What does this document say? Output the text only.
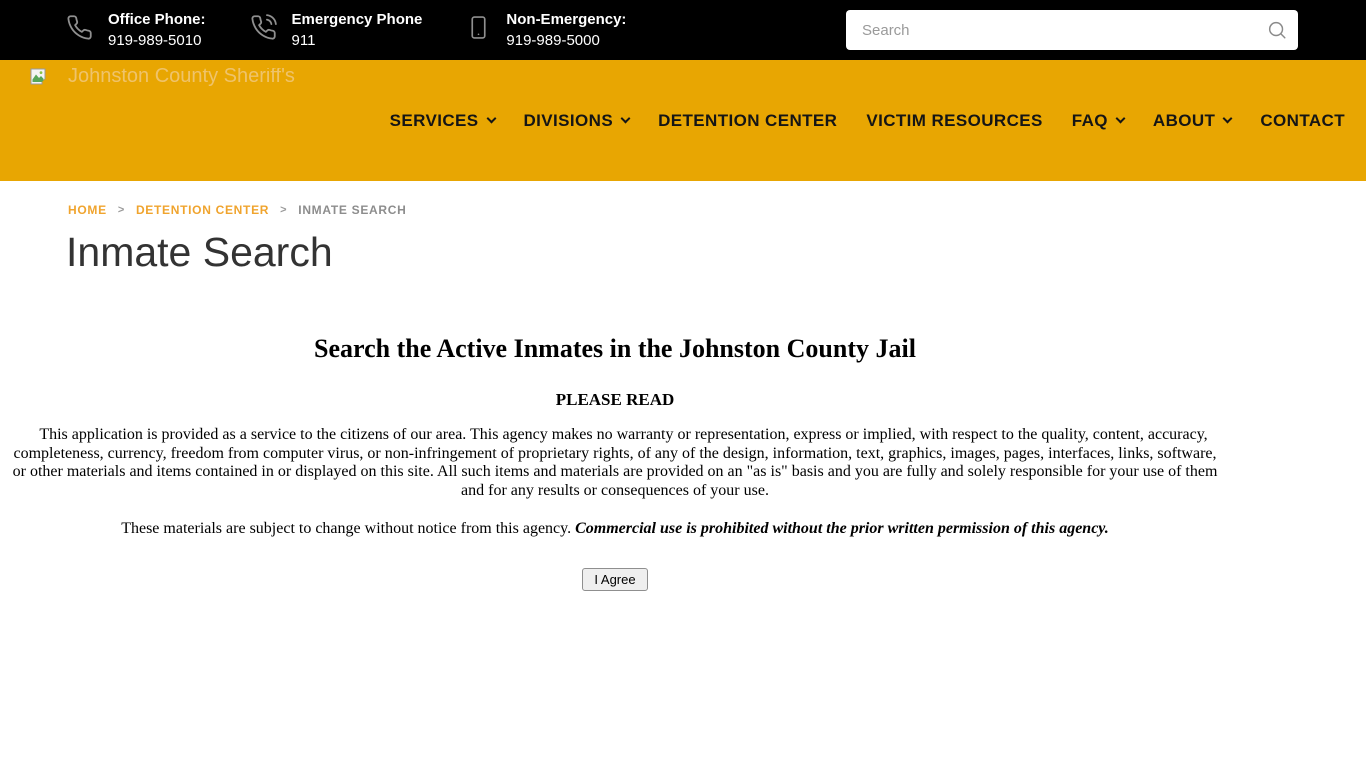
Office Phone:
919-989-5010
Emergency Phone
911
Non-Emergency:
919-989-5000
Search
Johnston County Sheriff's
SERVICES	DIVISIONS	DETENTION CENTER VICTIM RESOURCES FAQ	ABOUT	CONTACT
HOME > DETENTION CENTER > INMATE SEARCH
Inmate Search
Search the Active Inmates in the Johnston County Jail
PLEASE READ

This application is provided as a service to the citizens of our area. This agency makes no warranty or representation, express or implied, with respect to the quality, content, accuracy, completeness, currency, freedom from computer virus, or non-infringement of proprietary rights, of any of the design, information, text, graphics, images, pages, interfaces, links, software, or other materials and items contained in or displayed on this site. All such items and materials are provided on an "as is" basis and you are fully and solely responsible for your use of them and for any results or consequences of your use.

These materials are subject to change without notice from this agency. Commercial use is prohibited without the prior written permission of this agency.

I Agree
